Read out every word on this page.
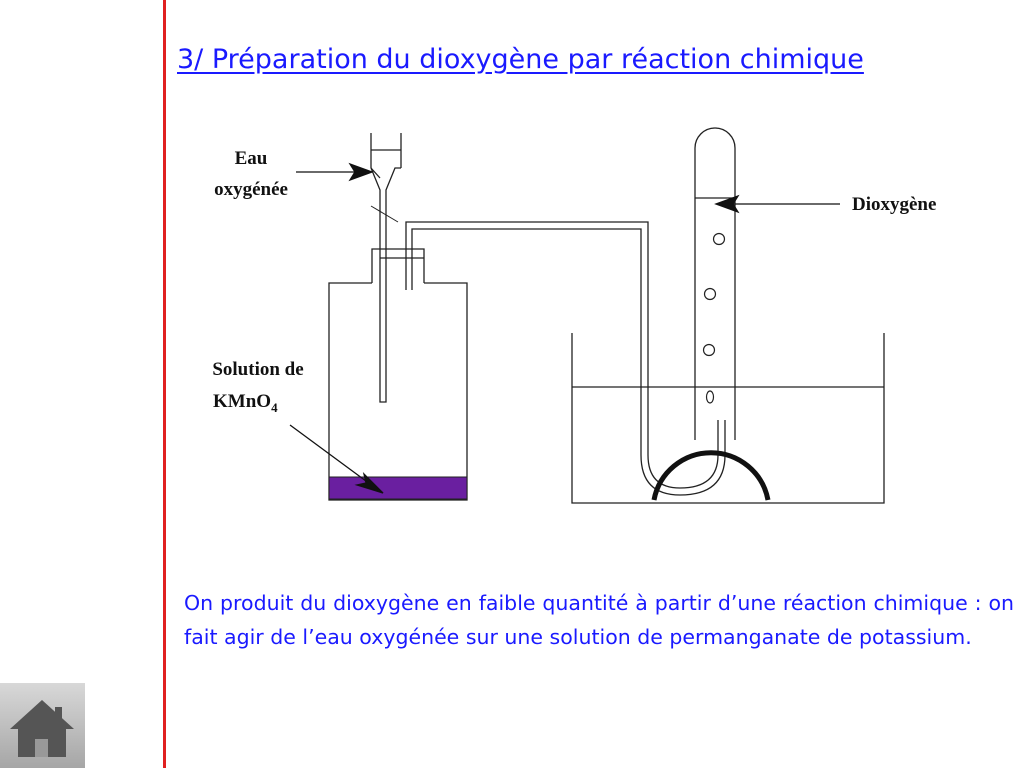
3/ Préparation du dioxygène par réaction chimique
Eau
oxygénée
Dioxygène
Solution de
KMnO$_4$
On produit du dioxygène en faible quantité à partir d’une réaction chimique : on fait agir de l’eau oxygénée sur une solution de permanganate de potassium.
